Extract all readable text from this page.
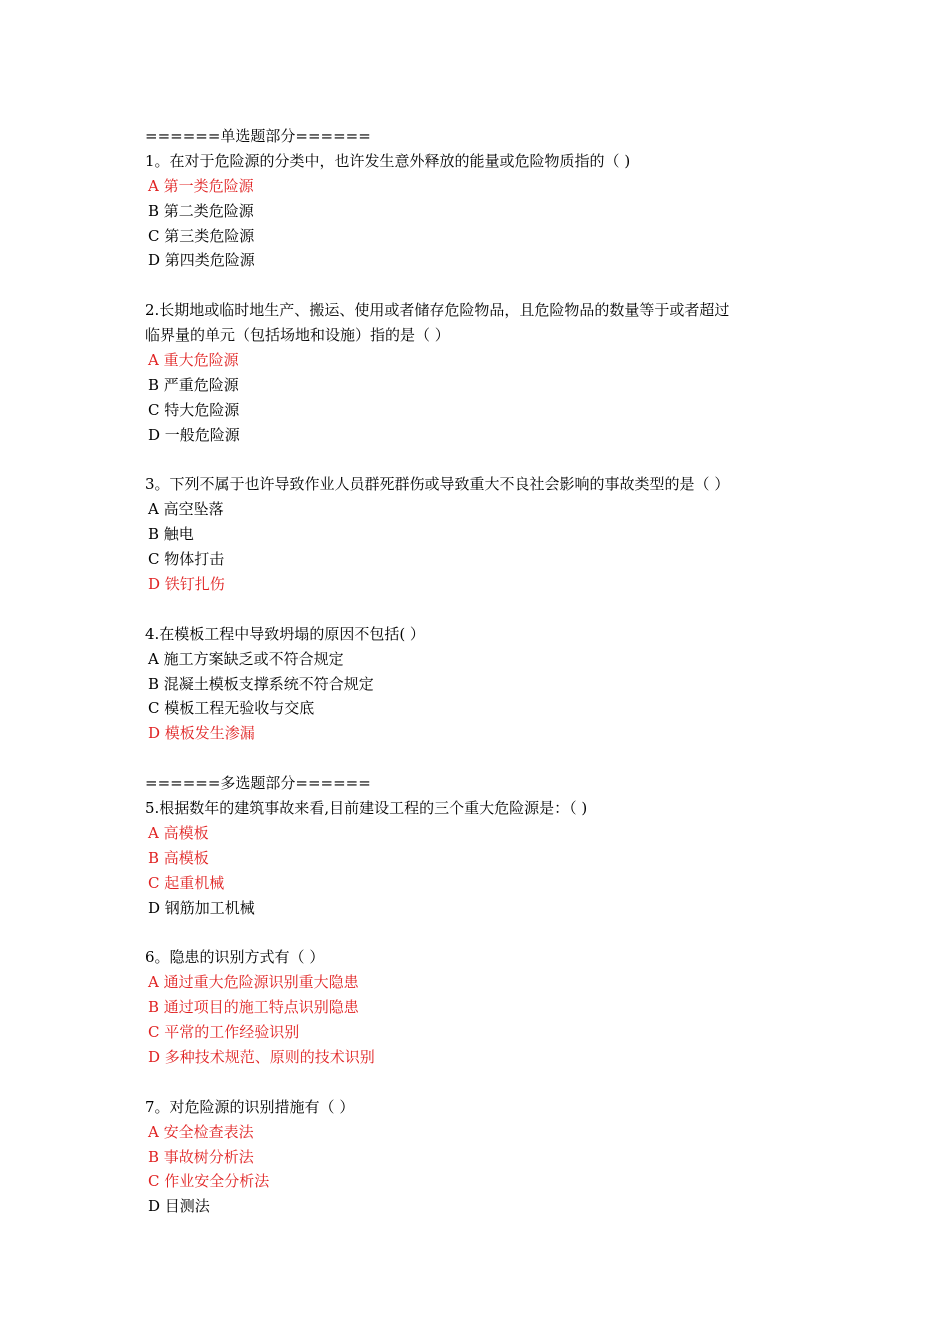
======单选题部分======
1。在对于危险源的分类中，也许发生意外释放的能量或危险物质指的（ )
A 第一类危险源
B 第二类危险源
C 第三类危险源
D 第四类危险源
2.长期地或临时地生产、搬运、使用或者储存危险物品，且危险物品的数量等于或者超过
临界量的单元（包括场地和设施）指的是（ ）
A 重大危险源
B 严重危险源
C 特大危险源
D 一般危险源
3。下列不属于也许导致作业人员群死群伤或导致重大不良社会影响的事故类型的是（ ）
A 高空坠落
B 触电
C 物体打击
D 铁钉扎伤
4.在模板工程中导致坍塌的原因不包括( ）
A 施工方案缺乏或不符合规定
B 混凝土模板支撑系统不符合规定
C 模板工程无验收与交底
D 模板发生渗漏
======多选题部分======
5.根据数年的建筑事故来看,目前建设工程的三个重大危险源是：（ )
A 高模板
B 高模板
C 起重机械
D 钢筋加工机械
6。隐患的识别方式有（ ）
A 通过重大危险源识别重大隐患
B 通过项目的施工特点识别隐患
C 平常的工作经验识别
D 多种技术规范、原则的技术识别
7。对危险源的识别措施有（ ）
A 安全检查表法
B 事故树分析法
C 作业安全分析法
D 目测法
